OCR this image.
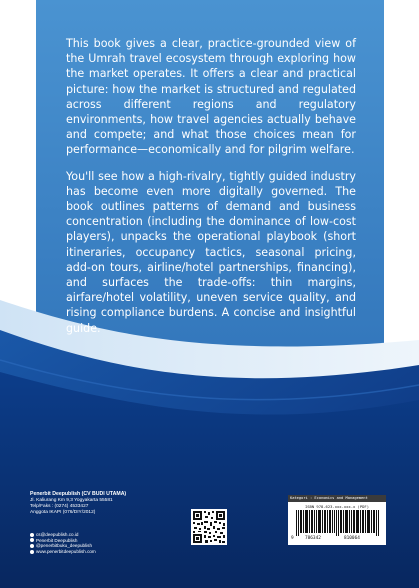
This book gives a clear, practice-grounded view of the Umrah travel ecosystem through exploring how the market operates. It offers a clear and practical picture: how the market is structured and regulated across different regions and regulatory environments, how travel agencies actually behave and compete; and what those choices mean for performance—economically and for pilgrim welfare.

You'll see how a high-rivalry, tightly guided industry has become even more digitally governed. The book outlines patterns of demand and business concentration (including the dominance of low-cost players), unpacks the operational playbook (short itineraries, occupancy tactics, seasonal pricing, add-on tours, airline/hotel partnerships, financing), and surfaces the trade-offs: thin margins, airfare/hotel volatility, uneven service quality, and rising compliance burdens. A concise and insightful guide.

Penerbit Deepublish (CV BUDI UTAMA)
Jl. Kaliurang Km 9,3 Yogyakarta 55581
Telp/Faks : (0274) 4533427
Anggota IKAPI (076/DIY/2012)
cs@deepublish.co.id
Penerbit Deepublish
@penerbitbuku_deepublish
www.penerbitdeepublish.com
Kategori : Economics and Management
ISBN 978-623-xxx-xxx-x (PDF)
9	786342	810064
